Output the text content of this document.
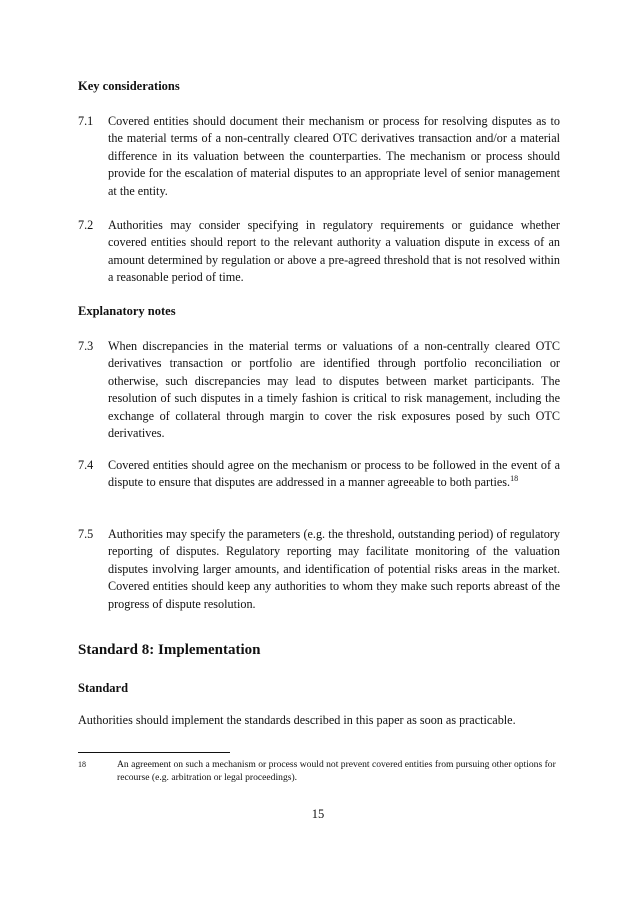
Key considerations
7.1 Covered entities should document their mechanism or process for resolving disputes as to the material terms of a non-centrally cleared OTC derivatives transaction and/or a material difference in its valuation between the counterparties. The mechanism or process should provide for the escalation of material disputes to an appropriate level of senior management at the entity.
7.2 Authorities may consider specifying in regulatory requirements or guidance whether covered entities should report to the relevant authority a valuation dispute in excess of an amount determined by regulation or above a pre-agreed threshold that is not resolved within a reasonable period of time.
Explanatory notes
7.3 When discrepancies in the material terms or valuations of a non-centrally cleared OTC derivatives transaction or portfolio are identified through portfolio reconciliation or otherwise, such discrepancies may lead to disputes between market participants. The resolution of such disputes in a timely fashion is critical to risk management, including the exchange of collateral through margin to cover the risk exposures posed by such OTC derivatives.
7.4 Covered entities should agree on the mechanism or process to be followed in the event of a dispute to ensure that disputes are addressed in a manner agreeable to both parties.$^{18}$
7.5 Authorities may specify the parameters (e.g. the threshold, outstanding period) of regulatory reporting of disputes. Regulatory reporting may facilitate monitoring of the valuation disputes involving larger amounts, and identification of potential risks areas in the market. Covered entities should keep any authorities to whom they make such reports abreast of the progress of dispute resolution.
Standard 8: Implementation
Standard
Authorities should implement the standards described in this paper as soon as practicable.
18	An agreement on such a mechanism or process would not prevent covered entities from pursuing other options for recourse (e.g. arbitration or legal proceedings).
15
